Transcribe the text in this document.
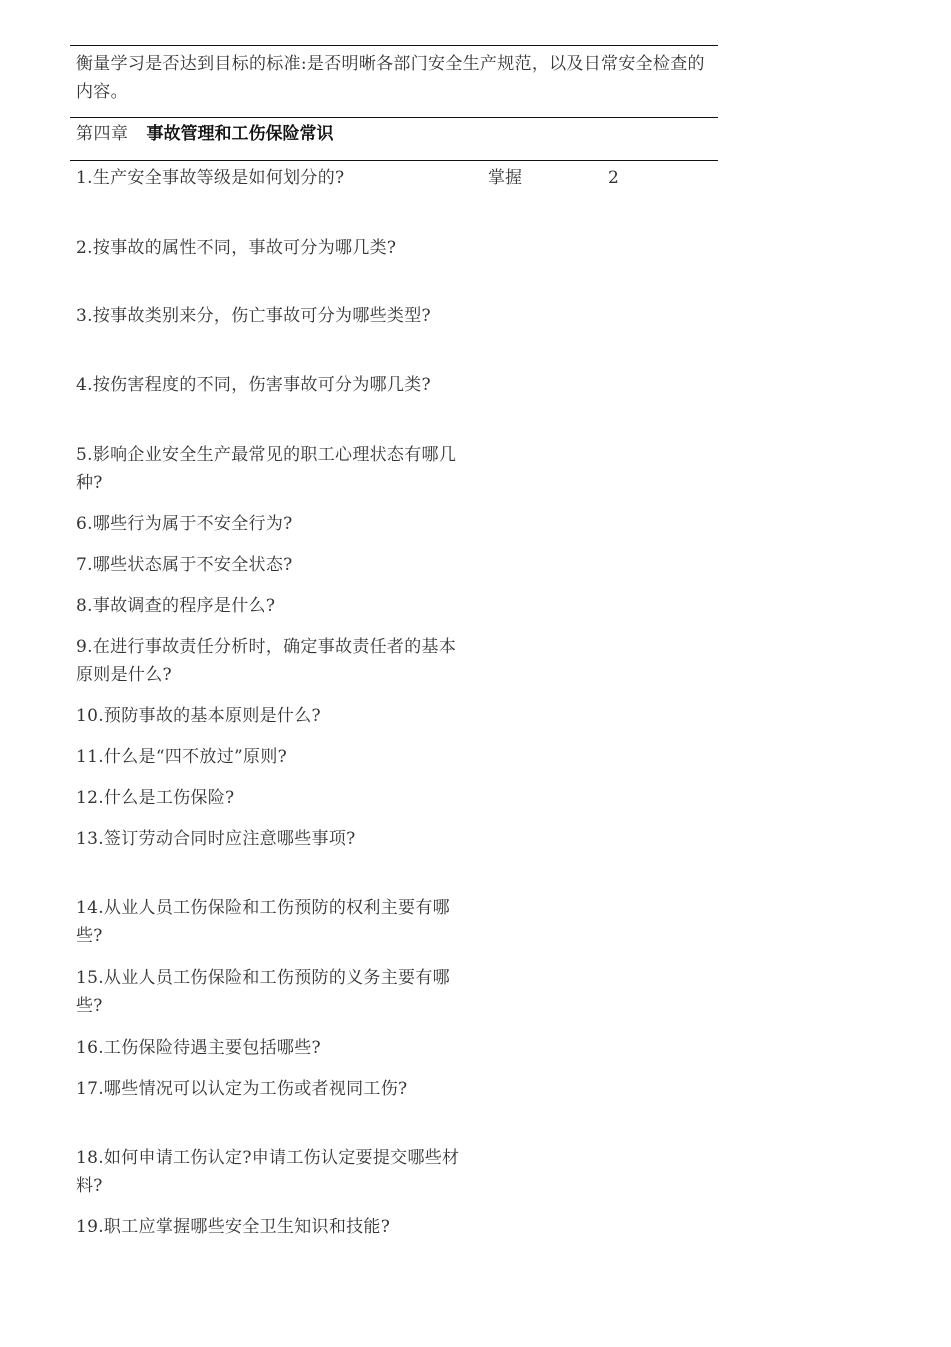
衡量学习是否达到目标的标准:是否明晰各部门安全生产规范，以及日常安全检查的内容。
第四章 事故管理和工伤保险常识
1.生产安全事故等级是如何划分的?	掌握	2
2.按事故的属性不同，事故可分为哪几类?
3.按事故类别来分，伤亡事故可分为哪些类型?
4.按伤害程度的不同，伤害事故可分为哪几类?
5.影响企业安全生产最常见的职工心理状态有哪几种?
6.哪些行为属于不安全行为?
7.哪些状态属于不安全状态?
8.事故调查的程序是什么?
9.在进行事故责任分析时，确定事故责任者的基本原则是什么?
10.预防事故的基本原则是什么?
11.什么是“四不放过”原则?
12.什么是工伤保险?
13.签订劳动合同时应注意哪些事项?
14.从业人员工伤保险和工伤预防的权利主要有哪些?
15.从业人员工伤保险和工伤预防的义务主要有哪些?
16.工伤保险待遇主要包括哪些?
17.哪些情况可以认定为工伤或者视同工伤?
18.如何申请工伤认定?申请工伤认定要提交哪些材料?
19.职工应掌握哪些安全卫生知识和技能?
